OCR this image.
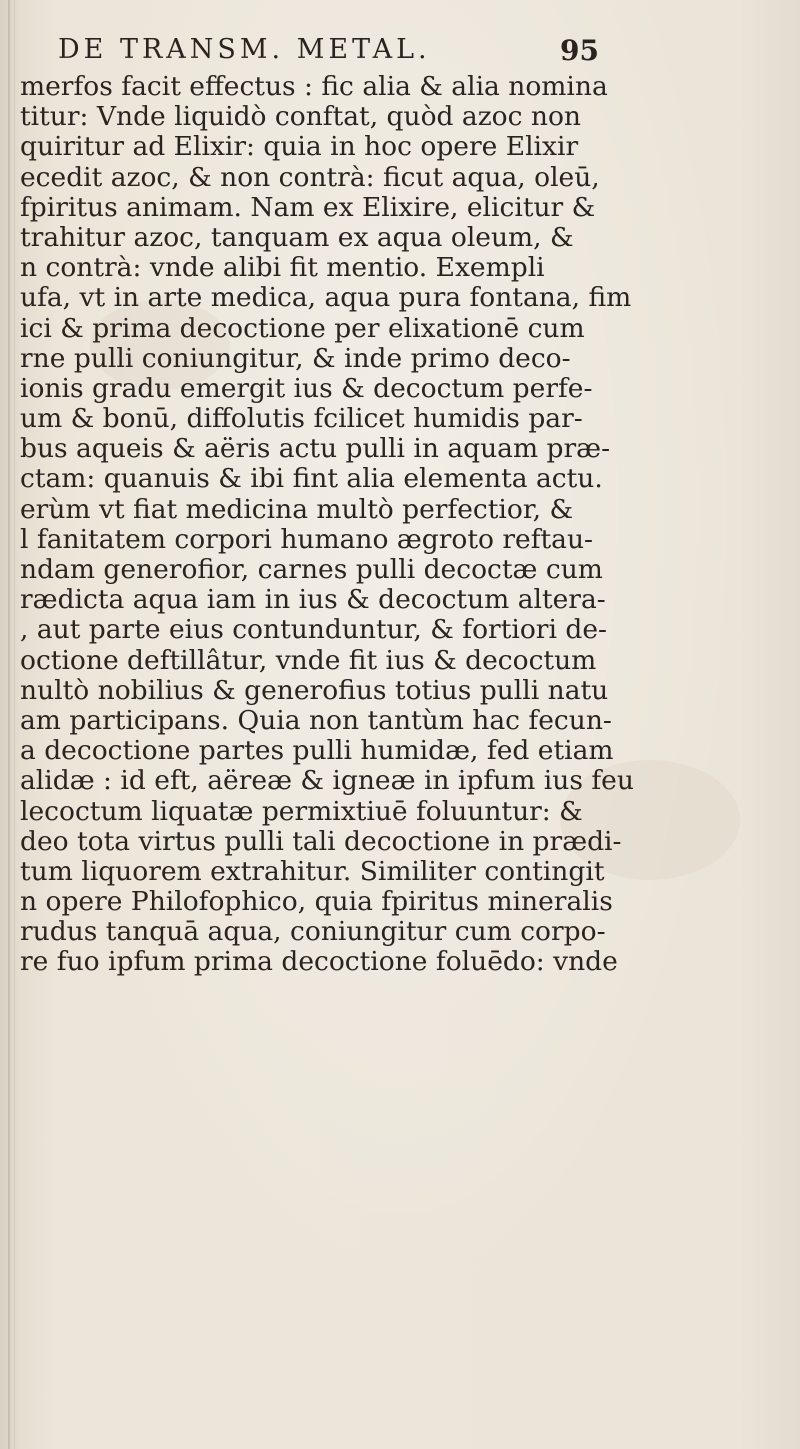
DE TRANSM. METAL.	95
merfos facit effectus : fic alia & alia nomina
titur: Vnde liquidò conftat, quòd azoc non
quiritur ad Elixir: quia in hoc opere Elixir
ecedit azoc, & non contrà: ficut aqua, oleū,
fpiritus animam. Nam ex Elixire, elicitur &
trahitur azoc, tanquam ex aqua oleum, &
n contrà: vnde alibi fit mentio. Exempli
ufa, vt in arte medica, aqua pura fontana, fim
ici & prima decoctione per elixationē cum
rne pulli coniungitur, & inde primo deco-
ionis gradu emergit ius & decoctum perfe-
um & bonū, diffolutis fcilicet humidis par-
bus aqueis & aëris actu pulli in aquam præ-
ctam: quanuis & ibi fint alia elementa actu.
erùm vt fiat medicina multò perfectior, &
l fanitatem corpori humano ægroto reftau-
ndam generofior, carnes pulli decoctæ cum
rædicta aqua iam in ius & decoctum altera-
, aut parte eius contunduntur, & fortiori de-
octione deftillâtur, vnde fit ius & decoctum
nultò nobilius & generofius totius pulli natu
am participans. Quia non tantùm hac fecun-
a decoctione partes pulli humidæ, fed etiam
alidæ : id eft, aëreæ & igneæ in ipfum ius feu
lecoctum liquatæ permixtiuē foluuntur: &
deo tota virtus pulli tali decoctione in prædi-
tum liquorem extrahitur. Similiter contingit
n opere Philofophico, quia fpiritus mineralis
rudus tanquā aqua, coniungitur cum corpo-
re fuo ipfum prima decoctione foluēdo: vnde
